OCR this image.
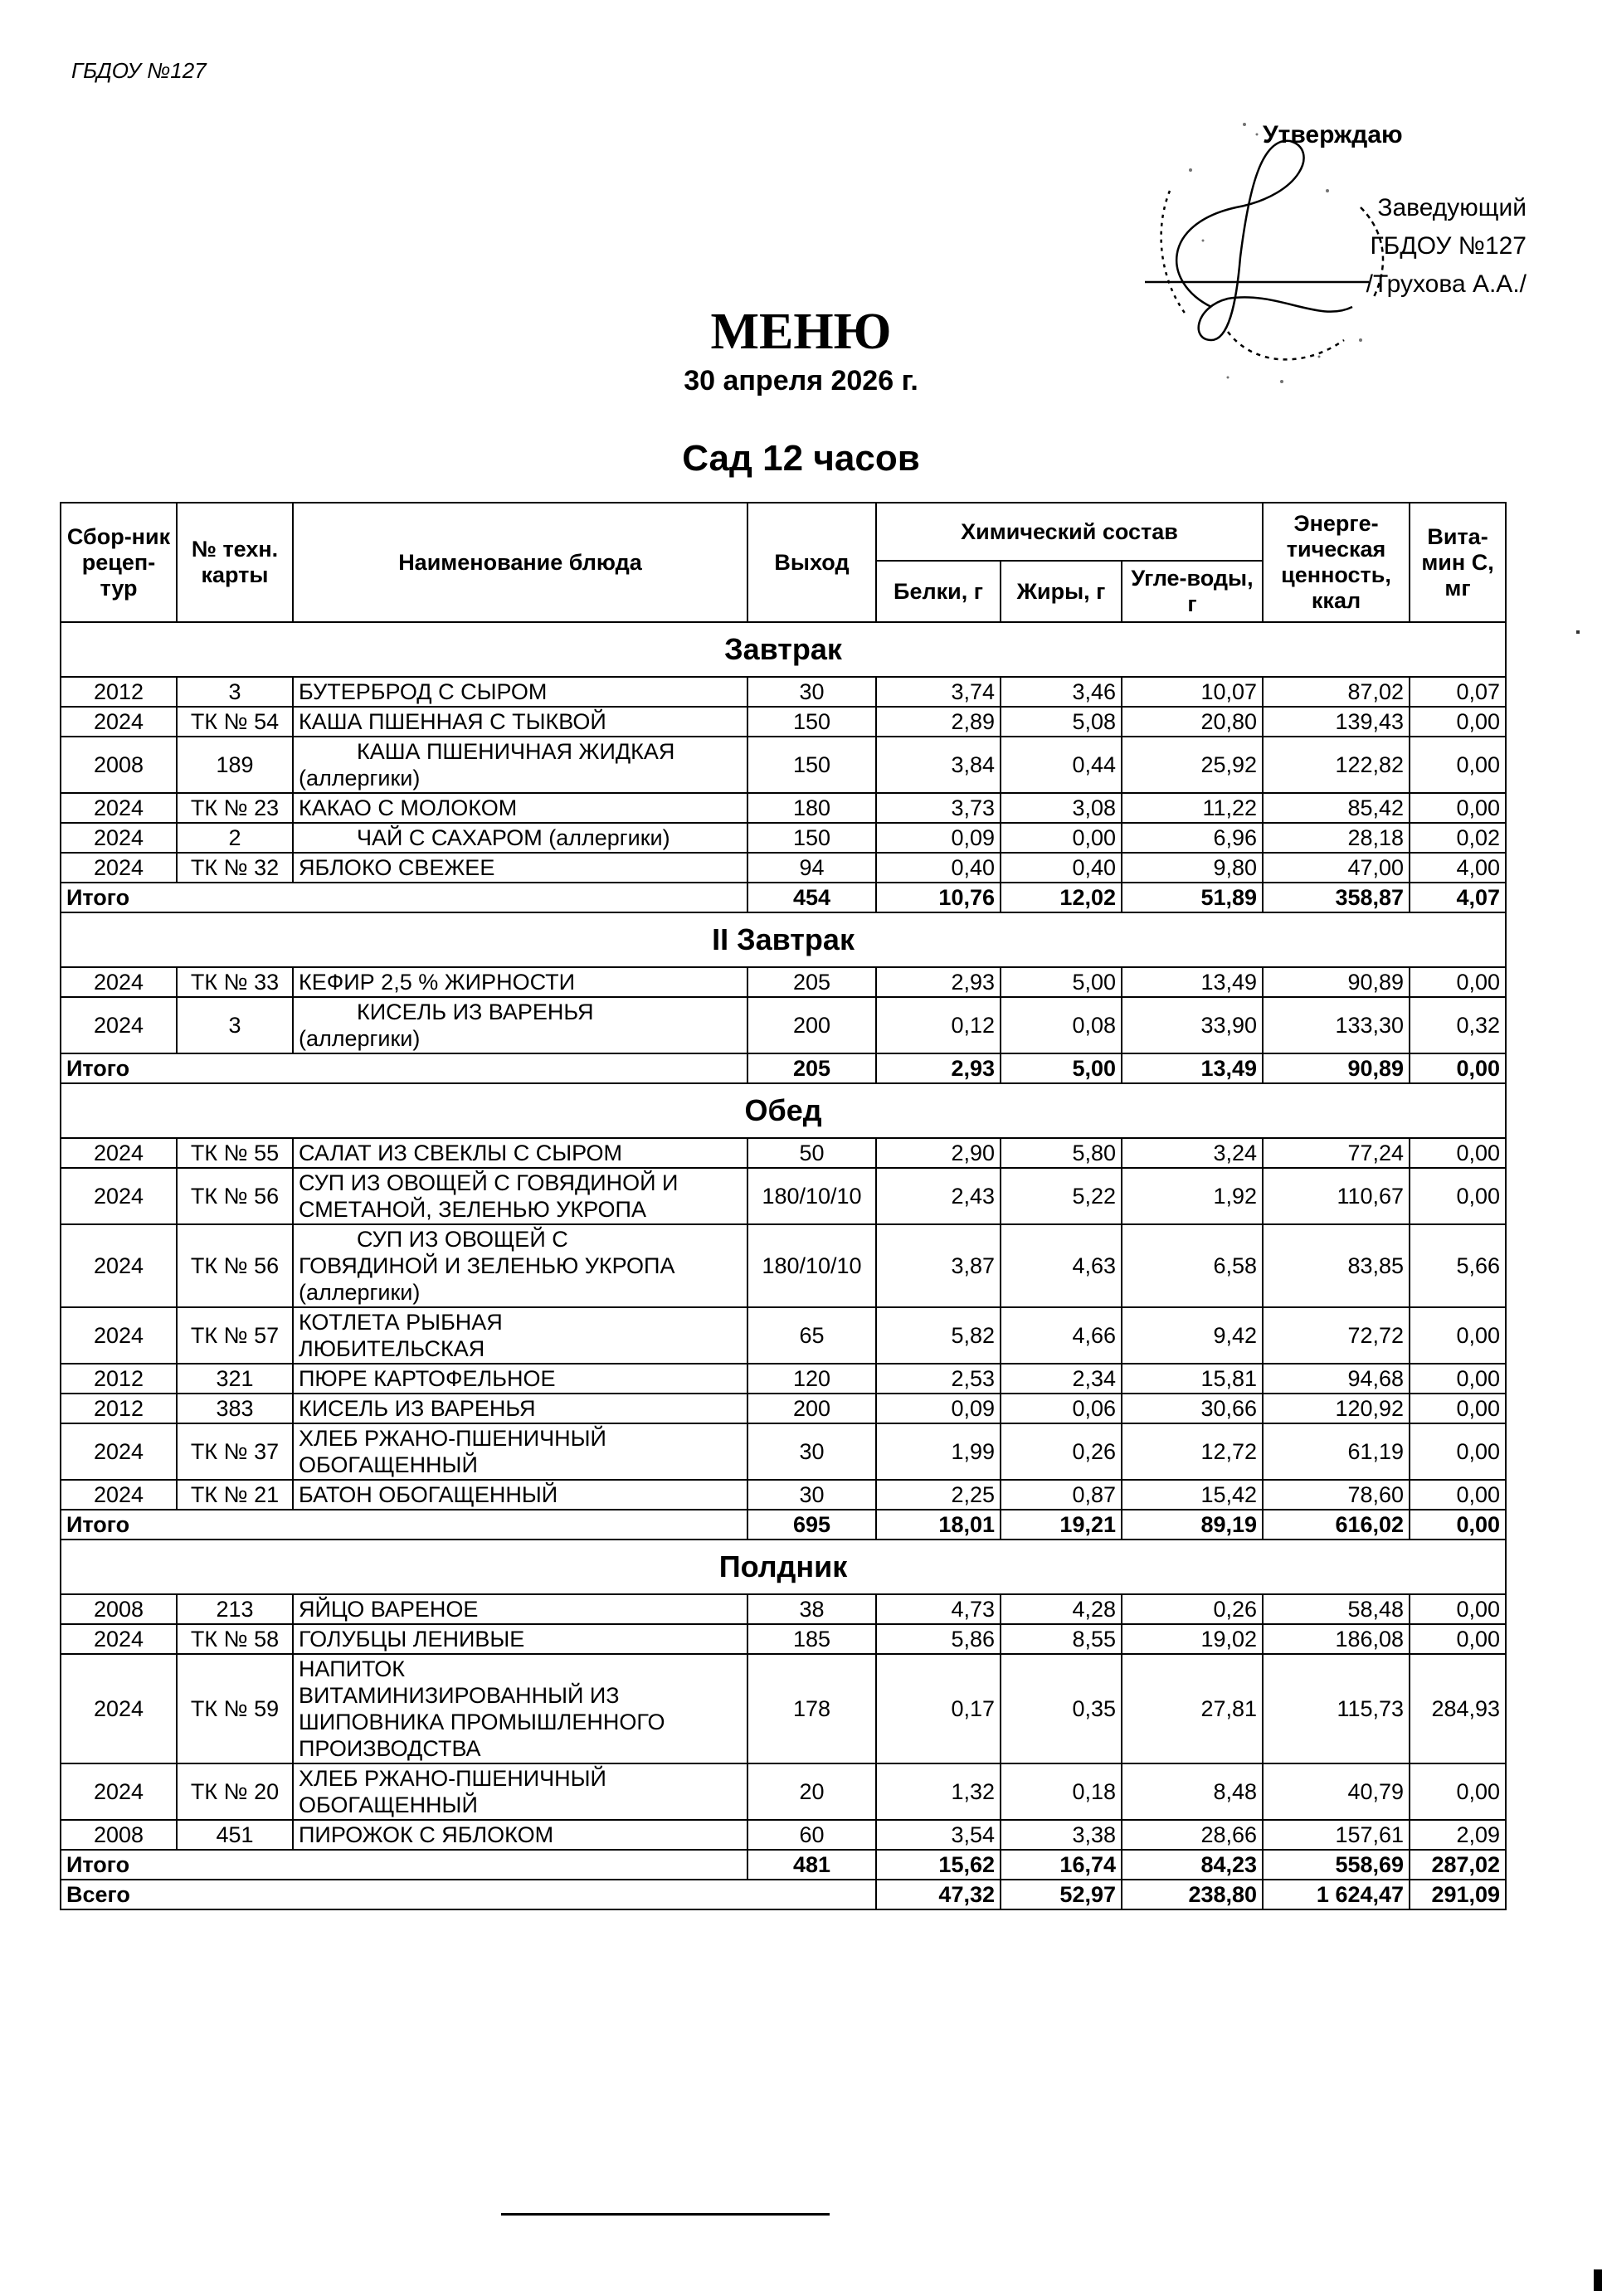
ГБДОУ №127
Утверждаю
Заведующий
ГБДОУ №127
/Трухова А.А./
МЕНЮ
30 апреля 2026 г.
Сад 12 часов
Сбор-ник рецеп-тур	№ техн. карты	Наименование блюда	Выход	Химический состав			Энерге-тическая ценность, ккал	Вита-мин С, мг
				Белки, г	Жиры, г	Угле-воды, г		
Завтрак								
2012	3	БУТЕРБРОД С СЫРОМ	30	3,74	3,46	10,07	87,02	0,07
2024	ТК № 54	КАША ПШЕННАЯ С ТЫКВОЙ	150	2,89	5,08	20,80	139,43	0,00
2008	189	КАША ПШЕНИЧНАЯ ЖИДКАЯ
(аллергики)	150	3,84	0,44	25,92	122,82	0,00
2024	ТК № 23	КАКАО С МОЛОКОМ	180	3,73	3,08	11,22	85,42	0,00
2024	2	ЧАЙ С САХАРОМ (аллергики)	150	0,09	0,00	6,96	28,18	0,02
2024	ТК № 32	ЯБЛОКО СВЕЖЕЕ	94	0,40	0,40	9,80	47,00	4,00
Итого			454	10,76	12,02	51,89	358,87	4,07
II Завтрак								
2024	ТК № 33	КЕФИР 2,5 % ЖИРНОСТИ	205	2,93	5,00	13,49	90,89	0,00
2024	3	КИСЕЛЬ ИЗ ВАРЕНЬЯ
(аллергики)	200	0,12	0,08	33,90	133,30	0,32
Итого			205	2,93	5,00	13,49	90,89	0,00
Обед								
2024	ТК № 55	САЛАТ ИЗ СВЕКЛЫ С СЫРОМ	50	2,90	5,80	3,24	77,24	0,00
2024	ТК № 56	СУП ИЗ ОВОЩЕЙ С ГОВЯДИНОЙ И
СМЕТАНОЙ, ЗЕЛЕНЬЮ УКРОПА	180/10/10	2,43	5,22	1,92	110,67	0,00
2024	ТК № 56	СУП ИЗ ОВОЩЕЙ С
ГОВЯДИНОЙ И ЗЕЛЕНЬЮ УКРОПА
(аллергики)	180/10/10	3,87	4,63	6,58	83,85	5,66
2024	ТК № 57	КОТЛЕТА РЫБНАЯ
ЛЮБИТЕЛЬСКАЯ	65	5,82	4,66	9,42	72,72	0,00
2012	321	ПЮРЕ КАРТОФЕЛЬНОЕ	120	2,53	2,34	15,81	94,68	0,00
2012	383	КИСЕЛЬ ИЗ ВАРЕНЬЯ	200	0,09	0,06	30,66	120,92	0,00
2024	ТК № 37	ХЛЕБ РЖАНО-ПШЕНИЧНЫЙ
ОБОГАЩЕННЫЙ	30	1,99	0,26	12,72	61,19	0,00
2024	ТК № 21	БАТОН ОБОГАЩЕННЫЙ	30	2,25	0,87	15,42	78,60	0,00
Итого			695	18,01	19,21	89,19	616,02	0,00
Полдник								
2008	213	ЯЙЦО ВАРЕНОЕ	38	4,73	4,28	0,26	58,48	0,00
2024	ТК № 58	ГОЛУБЦЫ ЛЕНИВЫЕ	185	5,86	8,55	19,02	186,08	0,00
2024	ТК № 59	НАПИТОК
ВИТАМИНИЗИРОВАННЫЙ ИЗ
ШИПОВНИКА ПРОМЫШЛЕННОГО
ПРОИЗВОДСТВА	178	0,17	0,35	27,81	115,73	284,93
2024	ТК № 20	ХЛЕБ РЖАНО-ПШЕНИЧНЫЙ
ОБОГАЩЕННЫЙ	20	1,32	0,18	8,48	40,79	0,00
2008	451	ПИРОЖОК С ЯБЛОКОМ	60	3,54	3,38	28,66	157,61	2,09
Итого			481	15,62	16,74	84,23	558,69	287,02
Всего				47,32	52,97	238,80	1 624,47	291,09
